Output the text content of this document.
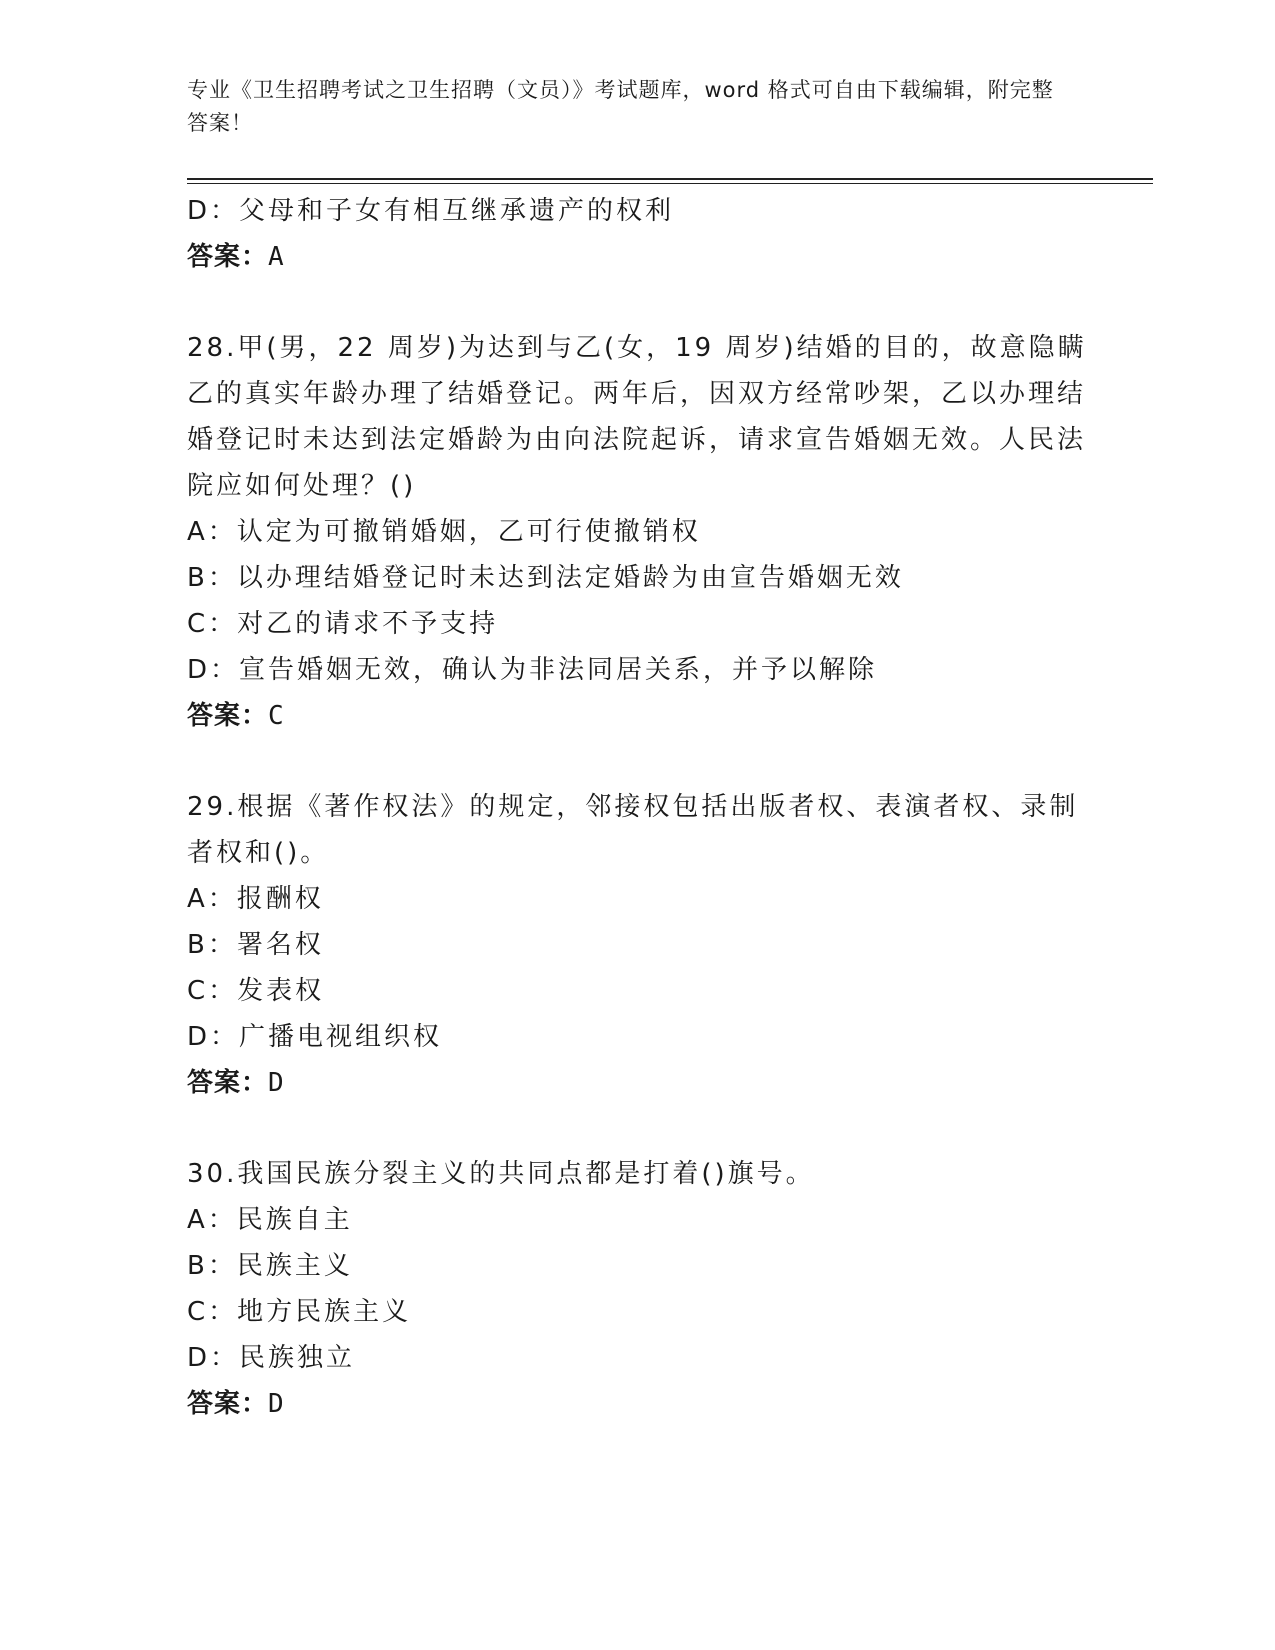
专业《卫生招聘考试之卫生招聘（文员）》考试题库，word 格式可自由下载编辑，附完整答案！

D：父母和子女有相互继承遗产的权利

答案：A

28.甲(男，22 周岁)为达到与乙(女，19 周岁)结婚的目的，故意隐瞒乙的真实年龄办理了结婚登记。两年后，因双方经常吵架，乙以办理结婚登记时未达到法定婚龄为由向法院起诉，请求宣告婚姻无效。人民法院应如何处理？()

A：认定为可撤销婚姻，乙可行使撤销权

B：以办理结婚登记时未达到法定婚龄为由宣告婚姻无效

C：对乙的请求不予支持

D：宣告婚姻无效，确认为非法同居关系，并予以解除

答案：C

29.根据《著作权法》的规定，邻接权包括出版者权、表演者权、录制者权和()。

A：报酬权

B：署名权

C：发表权

D：广播电视组织权

答案：D

30.我国民族分裂主义的共同点都是打着()旗号。

A：民族自主

B：民族主义

C：地方民族主义

D：民族独立

答案：D
